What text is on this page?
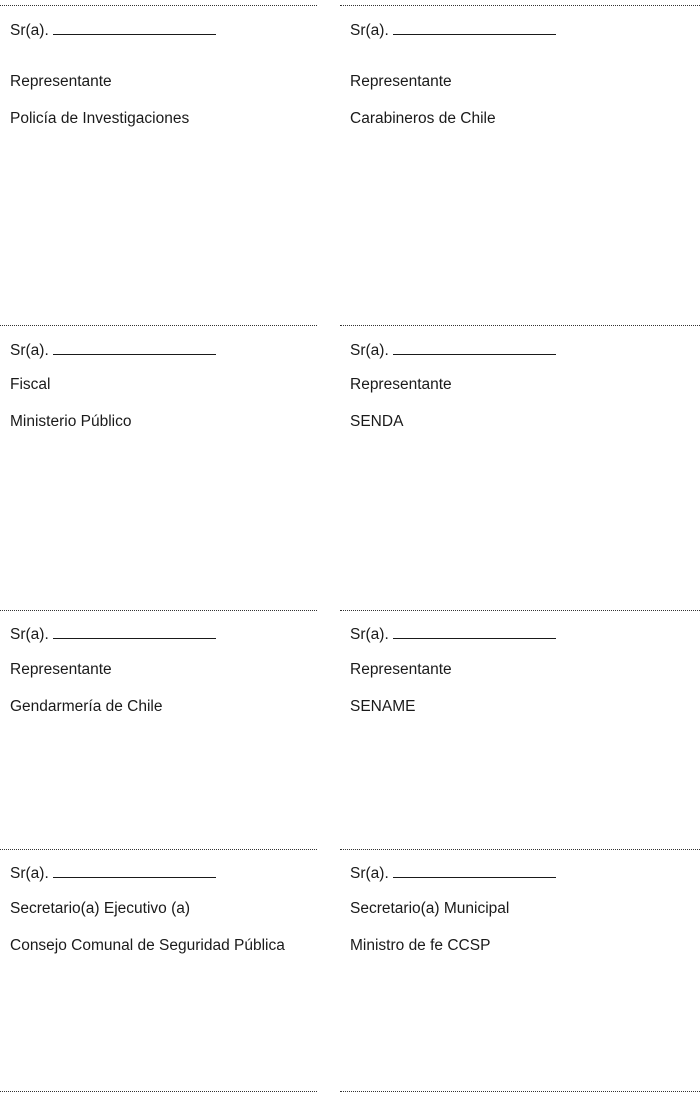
Sr(a).
Representante
Policía de Investigaciones
Sr(a).
Representante
Carabineros de Chile
Sr(a).
Fiscal
Ministerio Público
Sr(a).
Representante
SENDA
Sr(a).
Representante
Gendarmería de Chile
Sr(a).
Representante
SENAME
Sr(a).
Secretario(a) Ejecutivo (a)
Consejo Comunal de Seguridad Pública
Sr(a).
Secretario(a) Municipal
Ministro de fe CCSP
